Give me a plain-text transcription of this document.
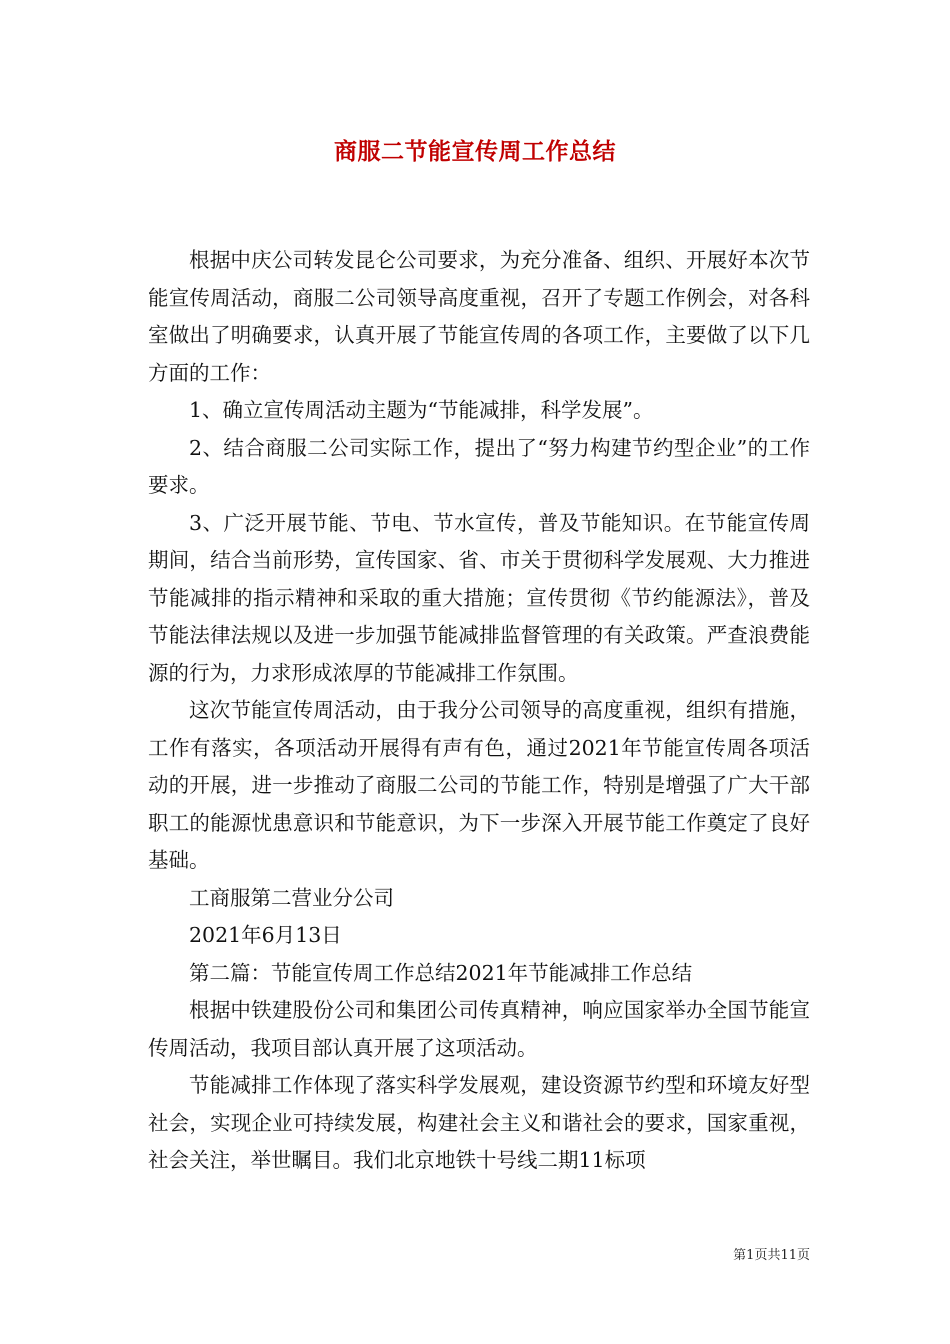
商服二节能宣传周工作总结

根据中庆公司转发昆仑公司要求，为充分准备、组织、开展好本次节能宣传周活动，商服二公司领导高度重视，召开了专题工作例会，对各科室做出了明确要求，认真开展了节能宣传周的各项工作，主要做了以下几方面的工作：

1、确立宣传周活动主题为“节能减排，科学发展”。

2、结合商服二公司实际工作，提出了“努力构建节约型企业”的工作要求。

3、广泛开展节能、节电、节水宣传，普及节能知识。在节能宣传周期间，结合当前形势，宣传国家、省、市关于贯彻科学发展观、大力推进节能减排的指示精神和采取的重大措施；宣传贯彻《节约能源法》，普及节能法律法规以及进一步加强节能减排监督管理的有关政策。严查浪费能源的行为，力求形成浓厚的节能减排工作氛围。

这次节能宣传周活动，由于我分公司领导的高度重视，组织有措施，工作有落实，各项活动开展得有声有色，通过2021年节能宣传周各项活动的开展，进一步推动了商服二公司的节能工作，特别是增强了广大干部职工的能源忧患意识和节能意识，为下一步深入开展节能工作奠定了良好基础。

工商服第二营业分公司

2021年6月13日

第二篇：节能宣传周工作总结2021年节能减排工作总结

根据中铁建股份公司和集团公司传真精神，响应国家举办全国节能宣传周活动，我项目部认真开展了这项活动。

节能减排工作体现了落实科学发展观，建设资源节约型和环境友好型社会，实现企业可持续发展，构建社会主义和谐社会的要求，国家重视，社会关注，举世瞩目。我们北京地铁十号线二期11标项

第1页共11页
